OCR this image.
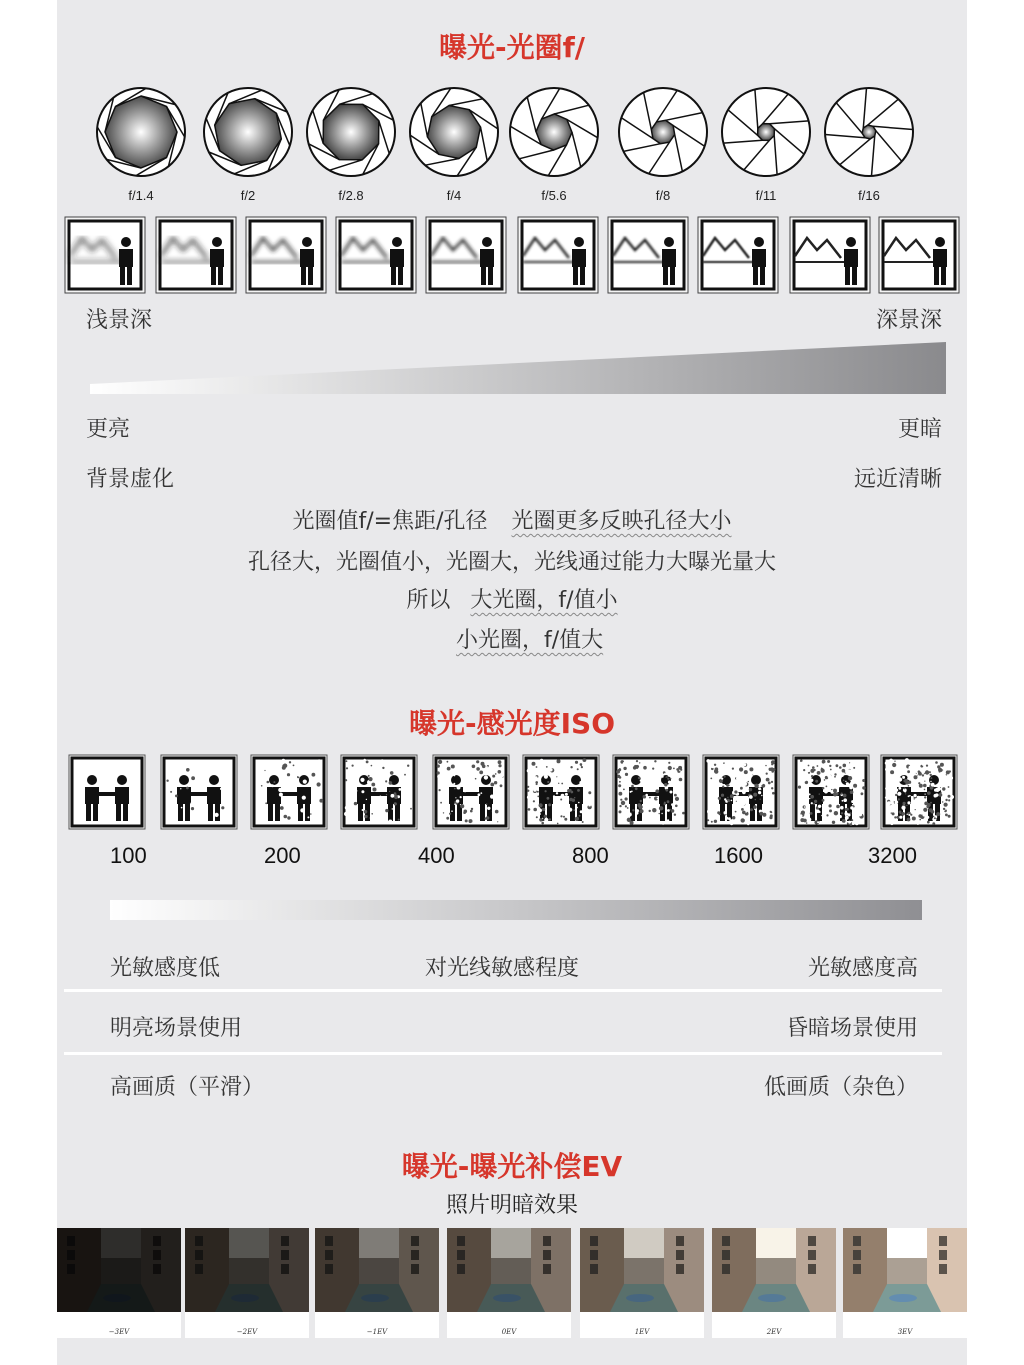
曝光-光圈f/
f/1.4	f/2	f/2.8	f/4	f/5.6	f/8	f/11	f/16
浅景深	深景深
更亮	更暗
背景虚化	远近清晰
光圈值f/=焦距/孔径 光圈更多反映孔径大小
孔径大，光圈值小，光圈大，光线通过能力大曝光量大
所以 大光圈，f/值小
小光圈，f/值大
曝光-感光度ISO
100	200	400	800	1600	3200
光敏感度低	对光线敏感程度	光敏感度高
明亮场景使用	昏暗场景使用
高画质（平滑）	低画质（杂色）
曝光-曝光补偿EV
照片明暗效果
−3EV	−2EV	−1EV	0EV	1EV	2EV	3EV
